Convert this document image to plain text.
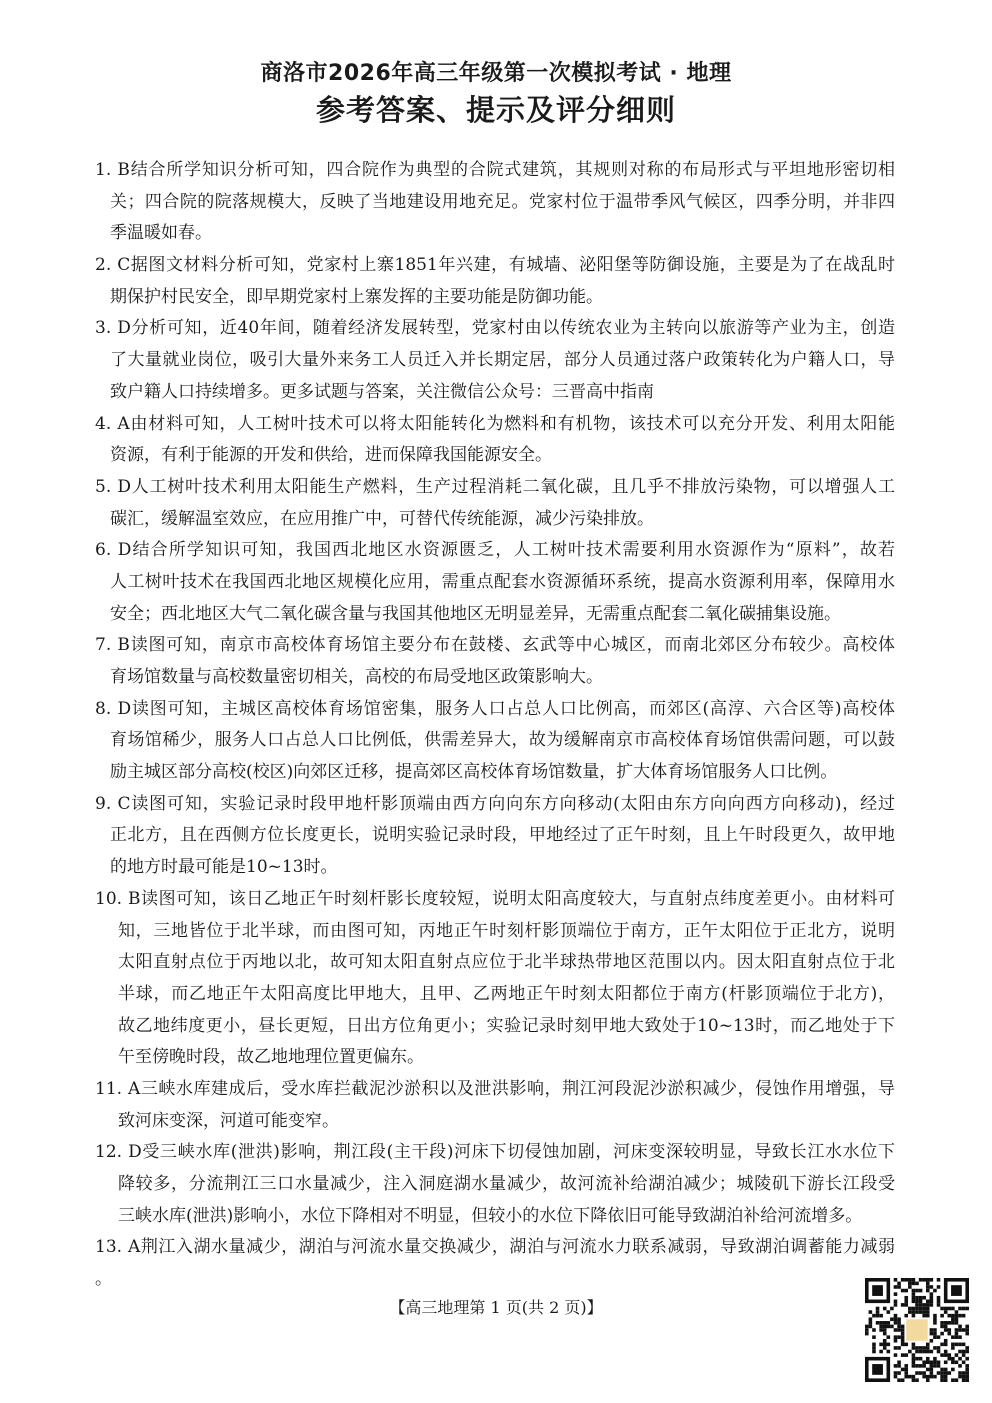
商洛市2026年高三年级第一次模拟考试 · 地理
参考答案、提示及评分细则
1. B结合所学知识分析可知，四合院作为典型的合院式建筑，其规则对称的布局形式与平坦地形密切相
关；四合院的院落规模大，反映了当地建设用地充足。党家村位于温带季风气候区，四季分明，并非四
季温暖如春。
2. C据图文材料分析可知，党家村上寨1851年兴建，有城墙、泌阳堡等防御设施，主要是为了在战乱时
期保护村民安全，即早期党家村上寨发挥的主要功能是防御功能。
3. D分析可知，近40年间，随着经济发展转型，党家村由以传统农业为主转向以旅游等产业为主，创造
了大量就业岗位，吸引大量外来务工人员迁入并长期定居，部分人员通过落户政策转化为户籍人口，导
致户籍人口持续增多。更多试题与答案，关注微信公众号：三晋高中指南
4. A由材料可知，人工树叶技术可以将太阳能转化为燃料和有机物，该技术可以充分开发、利用太阳能
资源，有利于能源的开发和供给，进而保障我国能源安全。
5. D人工树叶技术利用太阳能生产燃料，生产过程消耗二氧化碳，且几乎不排放污染物，可以增强人工
碳汇，缓解温室效应，在应用推广中，可替代传统能源，减少污染排放。
6. D结合所学知识可知，我国西北地区水资源匮乏，人工树叶技术需要利用水资源作为“原料”，故若
人工树叶技术在我国西北地区规模化应用，需重点配套水资源循环系统，提高水资源利用率，保障用水
安全；西北地区大气二氧化碳含量与我国其他地区无明显差异，无需重点配套二氧化碳捕集设施。
7. B读图可知，南京市高校体育场馆主要分布在鼓楼、玄武等中心城区，而南北郊区分布较少。高校体
育场馆数量与高校数量密切相关，高校的布局受地区政策影响大。
8. D读图可知，主城区高校体育场馆密集，服务人口占总人口比例高，而郊区(高淳、六合区等)高校体
育场馆稀少，服务人口占总人口比例低，供需差异大，故为缓解南京市高校体育场馆供需问题，可以鼓
励主城区部分高校(校区)向郊区迁移，提高郊区高校体育场馆数量，扩大体育场馆服务人口比例。
9. C读图可知，实验记录时段甲地杆影顶端由西方向向东方向移动(太阳由东方向向西方向移动)，经过
正北方，且在西侧方位长度更长，说明实验记录时段，甲地经过了正午时刻，且上午时段更久，故甲地
的地方时最可能是10~13时。
10. B读图可知，该日乙地正午时刻杆影长度较短，说明太阳高度较大，与直射点纬度差更小。由材料可
知，三地皆位于北半球，而由图可知，丙地正午时刻杆影顶端位于南方，正午太阳位于正北方，说明
太阳直射点位于丙地以北，故可知太阳直射点应位于北半球热带地区范围以内。因太阳直射点位于北
半球，而乙地正午太阳高度比甲地大，且甲、乙两地正午时刻太阳都位于南方(杆影顶端位于北方)，
故乙地纬度更小，昼长更短，日出方位角更小；实验记录时刻甲地大致处于10~13时，而乙地处于下
午至傍晚时段，故乙地地理位置更偏东。
11. A三峡水库建成后，受水库拦截泥沙淤积以及泄洪影响，荆江河段泥沙淤积减少，侵蚀作用增强，导
致河床变深，河道可能变窄。
12. D受三峡水库(泄洪)影响，荆江段(主干段)河床下切侵蚀加剧，河床变深较明显，导致长江水水位下
降较多，分流荆江三口水量减少，注入洞庭湖水量减少，故河流补给湖泊减少；城陵矶下游长江段受
三峡水库(泄洪)影响小，水位下降相对不明显，但较小的水位下降依旧可能导致湖泊补给河流增多。
13. A荆江入湖水量减少，湖泊与河流水量交换减少，湖泊与河流水力联系减弱，导致湖泊调蓄能力减弱
。
【高三地理第 1 页(共 2 页)】
